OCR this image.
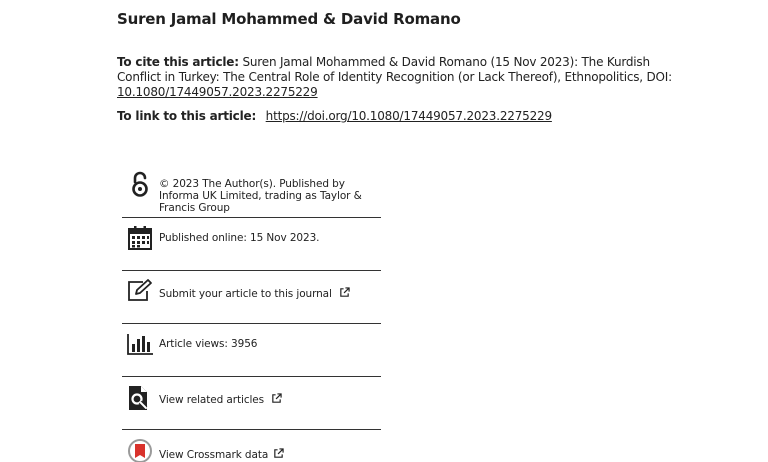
Suren Jamal Mohammed & David Romano
To cite this article: Suren Jamal Mohammed & David Romano (15 Nov 2023): The Kurdish Conflict in Turkey: The Central Role of Identity Recognition (or Lack Thereof), Ethnopolitics, DOI: 10.1080/17449057.2023.2275229
To link to this article: https://doi.org/10.1080/17449057.2023.2275229
© 2023 The Author(s). Published by Informa UK Limited, trading as Taylor & Francis Group
Published online: 15 Nov 2023.
Submit your article to this journal
Article views: 3956
View related articles
View Crossmark data
